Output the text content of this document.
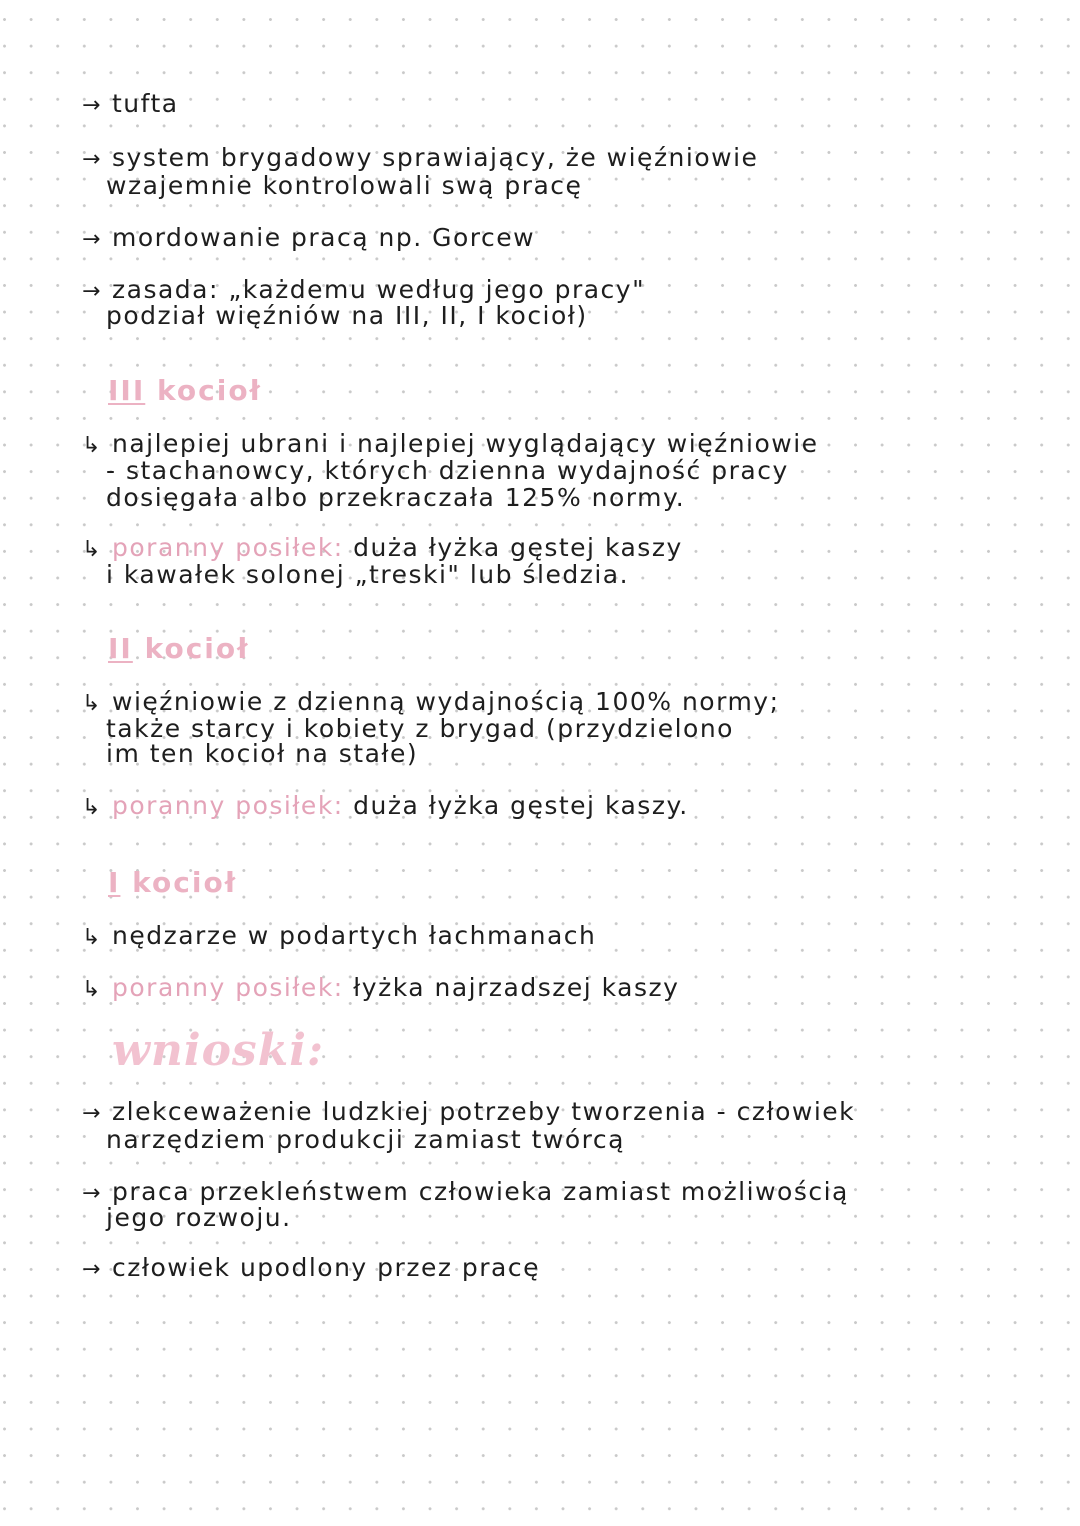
→ tufta
→ system brygadowy sprawiający, że więźniowie
wzajemnie kontrolowali swą pracę
→ mordowanie pracą np. Gorcew
→ zasada: „każdemu według jego pracy"
podział więźniów na III, II, I kocioł)
III kocioł
↳ najlepiej ubrani i najlepiej wyglądający więźniowie
- stachanowcy, których dzienna wydajność pracy
dosięgała albo przekraczała 125% normy.
↳ poranny posiłek: duża łyżka gęstej kaszy
i kawałek solonej „treski" lub śledzia.
II kocioł
↳ więźniowie z dzienną wydajnością 100% normy;
także starcy i kobiety z brygad (przydzielono
im ten kocioł na stałe)
↳ poranny posiłek: duża łyżka gęstej kaszy.
I kocioł
↳ nędzarze w podartych łachmanach
↳ poranny posiłek: łyżka najrzadszej kaszy
wnioski:
→ zlekceważenie ludzkiej potrzeby tworzenia - człowiek
narzędziem produkcji zamiast twórcą
→ praca przekleństwem człowieka zamiast możliwością
jego rozwoju.
→ człowiek upodlony przez pracę
